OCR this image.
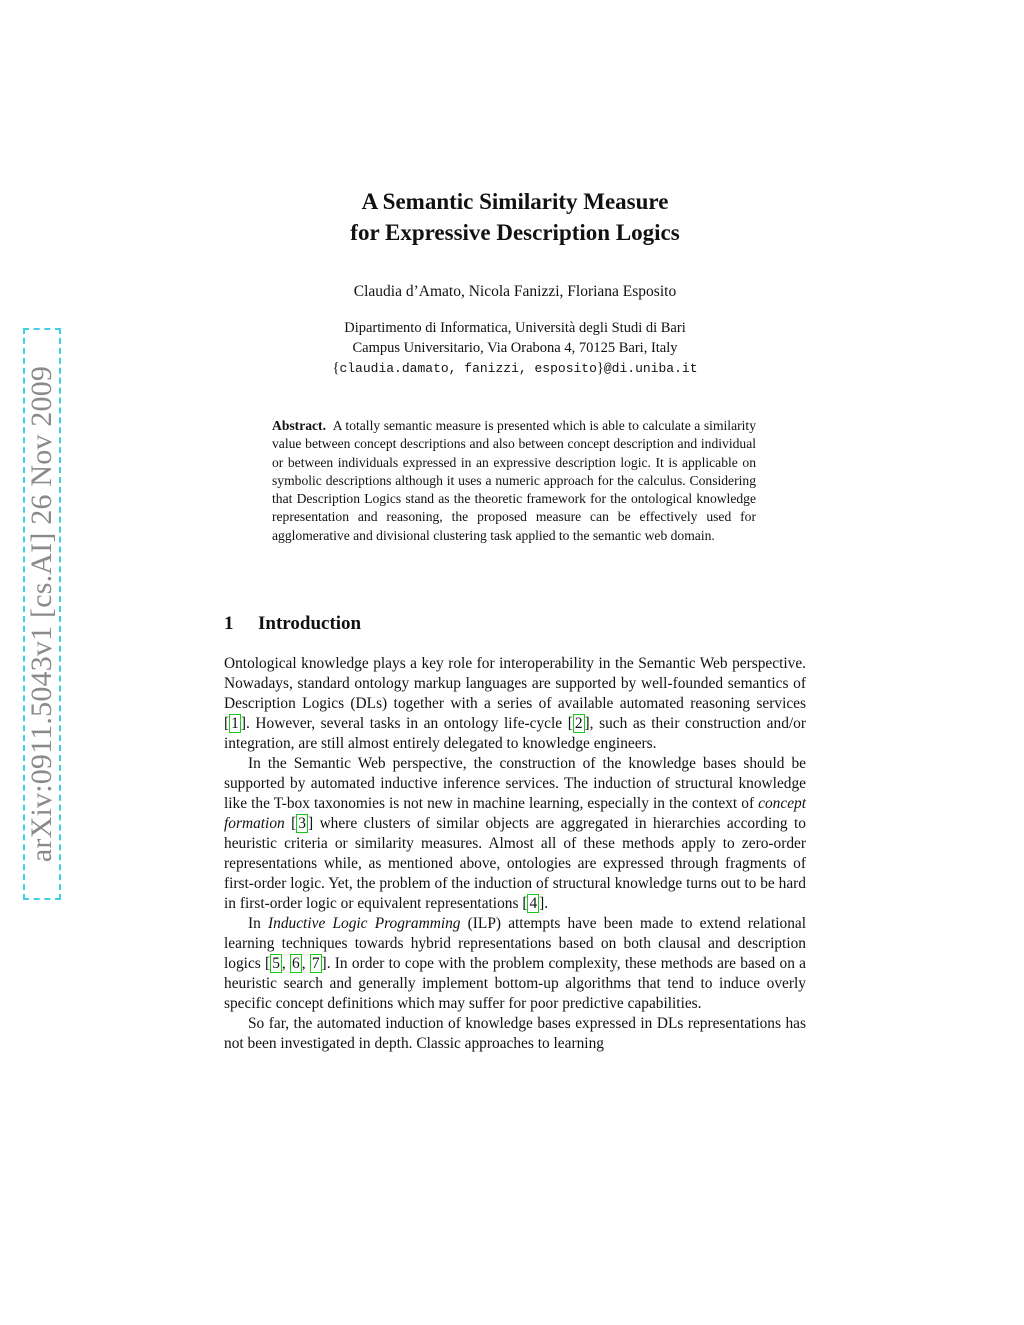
arXiv:0911.5043v1 [cs.AI] 26 Nov 2009
A Semantic Similarity Measure
for Expressive Description Logics
Claudia d’Amato, Nicola Fanizzi, Floriana Esposito
Dipartimento di Informatica, Università degli Studi di Bari
Campus Universitario, Via Orabona 4, 70125 Bari, Italy
{claudia.damato, fanizzi, esposito}@di.uniba.it
Abstract. A totally semantic measure is presented which is able to calculate a similarity value between concept descriptions and also between concept description and individual or between individuals expressed in an expressive description logic. It is applicable on symbolic descriptions although it uses a numeric approach for the calculus. Considering that Description Logics stand as the theoretic framework for the ontological knowledge representation and reasoning, the proposed measure can be effectively used for agglomerative and divisional clustering task applied to the semantic web domain.
1 Introduction

Ontological knowledge plays a key role for interoperability in the Semantic Web perspective. Nowadays, standard ontology markup languages are supported by well-founded semantics of Description Logics (DLs) together with a series of available automated reasoning services [ 1 ]. However, several tasks in an ontology life-cycle [ 2 ], such as their construction and/or integration, are still almost entirely delegated to knowledge engineers.

In the Semantic Web perspective, the construction of the knowledge bases should be supported by automated inductive inference services. The induction of structural knowledge like the T-box taxonomies is not new in machine learning, especially in the context of concept formation [ 3 ] where clusters of similar objects are aggregated in hierarchies according to heuristic criteria or similarity measures. Almost all of these methods apply to zero-order representations while, as mentioned above, ontologies are expressed through fragments of first-order logic. Yet, the problem of the induction of structural knowledge turns out to be hard in first-order logic or equivalent representations [ 4 ].

In Inductive Logic Programming (ILP) attempts have been made to extend relational learning techniques towards hybrid representations based on both clausal and description logics [ 5 , 6 , 7 ]. In order to cope with the problem complexity, these methods are based on a heuristic search and generally implement bottom-up algorithms that tend to induce overly specific concept definitions which may suffer for poor predictive capabilities.

So far, the automated induction of knowledge bases expressed in DLs representations has not been investigated in depth. Classic approaches to learning
